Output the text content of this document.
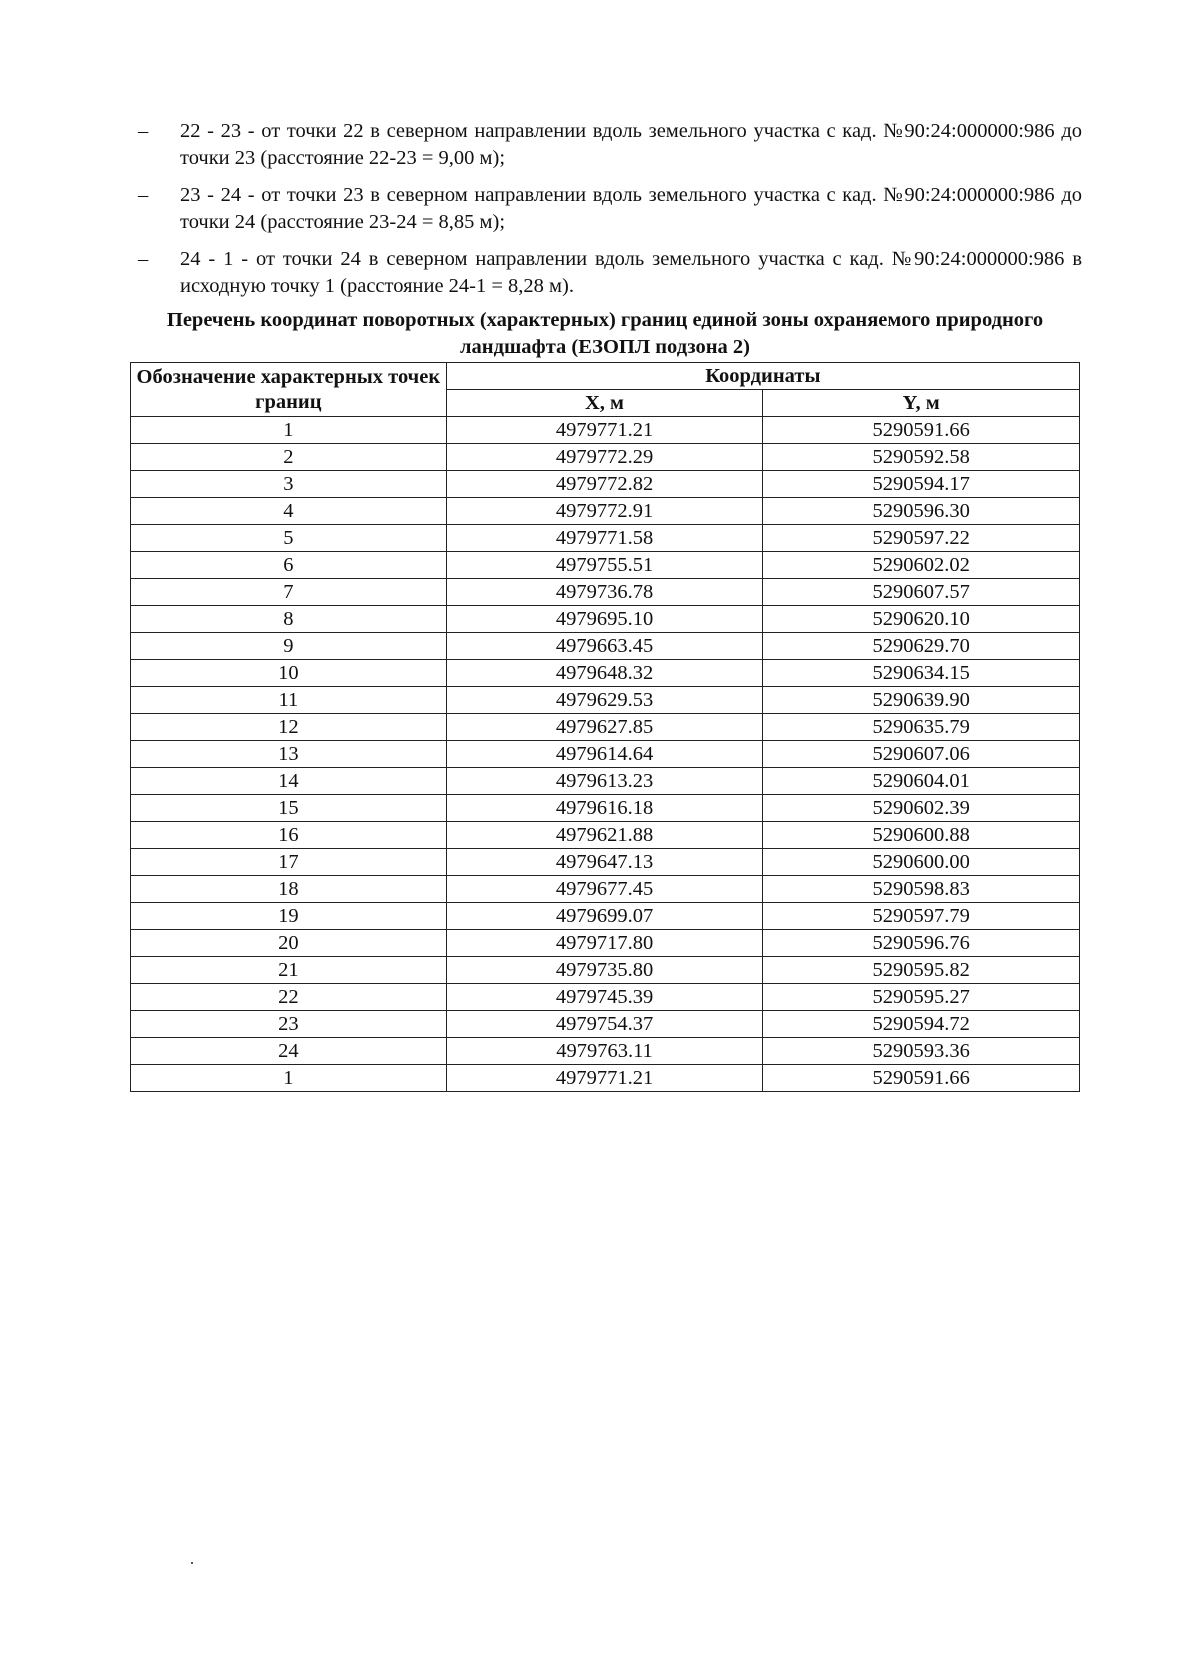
– 22 - 23 - от точки 22 в северном направлении вдоль земельного участка с кад. №90:24:000000:986 до точки 23 (расстояние 22-23 = 9,00 м);
– 23 - 24 - от точки 23 в северном направлении вдоль земельного участка с кад. №90:24:000000:986 до точки 24 (расстояние 23-24 = 8,85 м);
– 24 - 1 - от точки 24 в северном направлении вдоль земельного участка с кад. №90:24:000000:986 в исходную точку 1 (расстояние 24-1 = 8,28 м).

Перечень координат поворотных (характерных) границ единой зоны охраняемого природного ландшафта (ЕЗОПЛ подзона 2)

Обозначение характерных точек границ	Координаты	
	X, м	Y, м
1	4979771.21	5290591.66
2	4979772.29	5290592.58
3	4979772.82	5290594.17
4	4979772.91	5290596.30
5	4979771.58	5290597.22
6	4979755.51	5290602.02
7	4979736.78	5290607.57
8	4979695.10	5290620.10
9	4979663.45	5290629.70
10	4979648.32	5290634.15
11	4979629.53	5290639.90
12	4979627.85	5290635.79
13	4979614.64	5290607.06
14	4979613.23	5290604.01
15	4979616.18	5290602.39
16	4979621.88	5290600.88
17	4979647.13	5290600.00
18	4979677.45	5290598.83
19	4979699.07	5290597.79
20	4979717.80	5290596.76
21	4979735.80	5290595.82
22	4979745.39	5290595.27
23	4979754.37	5290594.72
24	4979763.11	5290593.36
1	4979771.21	5290591.66
